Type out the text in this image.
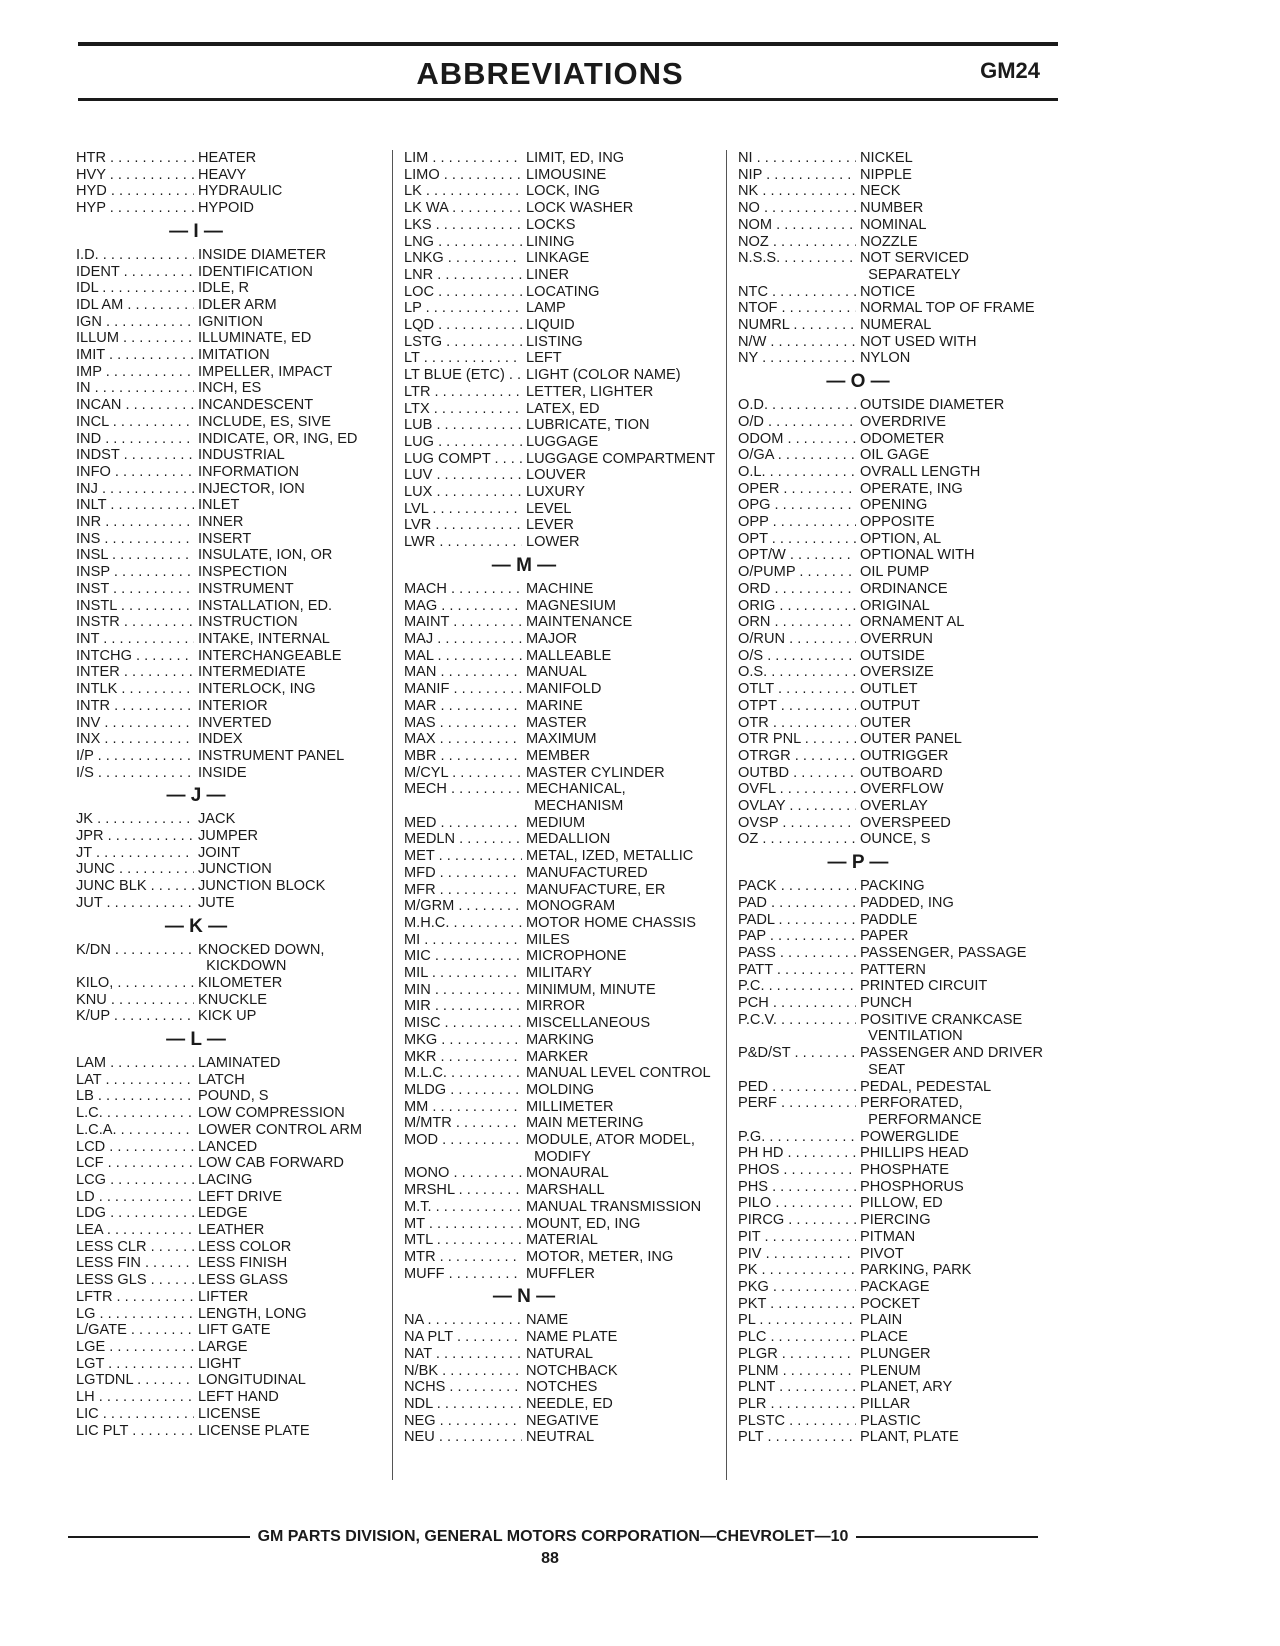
ABBREVIATIONS	GM24
HTR . . .	HEATER
HVY . . .	HEAVY
HYD . . .	HYDRAULIC
HYP . . .	HYPOID
— I —
I.D. . . .	INSIDE DIAMETER
IDENT . . .	IDENTIFICATION
IDL . . .	IDLE, R
IDL AM . . .	IDLER ARM
IGN . . .	IGNITION
ILLUM . . .	ILLUMINATE, ED
IMIT . . .	IMITATION
IMP . . .	IMPELLER, IMPACT
IN . . .	INCH, ES
INCAN . . .	INCANDESCENT
INCL . . .	INCLUDE, ES, SIVE
IND . . .	INDICATE, OR, ING, ED
INDST . . .	INDUSTRIAL
INFO . . .	INFORMATION
INJ . . .	INJECTOR, ION
INLT . . .	INLET
INR . . .	INNER
INS . . .	INSERT
INSL . . .	INSULATE, ION, OR
INSP . . .	INSPECTION
INST . . .	INSTRUMENT
INSTL . . .	INSTALLATION, ED.
INSTR . . .	INSTRUCTION
INT . . .	INTAKE, INTERNAL
INTCHG . . .	INTERCHANGEABLE
INTER . . .	INTERMEDIATE
INTLK . . .	INTERLOCK, ING
INTR . . .	INTERIOR
INV . . .	INVERTED
INX . . .	INDEX
I/P . . .	INSTRUMENT PANEL
I/S . . .	INSIDE
— J —
JK . . .	JACK
JPR . . .	JUMPER
JT . . .	JOINT
JUNC . . .	JUNCTION
JUNC BLK . . .	JUNCTION BLOCK
JUT . . .	JUTE
— K —
K/DN . . .	KNOCKED DOWN,
KICKDOWN
KILO, . . .	KILOMETER
KNU . . .	KNUCKLE
K/UP . . .	KICK UP
— L —
LAM . . .	LAMINATED
LAT . . .	LATCH
LB . . .	POUND, S
L.C. . . .	LOW COMPRESSION
L.C.A. . . .	LOWER CONTROL ARM
LCD . . .	LANCED
LCF . . .	LOW CAB FORWARD
LCG . . .	LACING
LD . . .	LEFT DRIVE
LDG . . .	LEDGE
LEA . . .	LEATHER
LESS CLR . . .	LESS COLOR
LESS FIN . . .	LESS FINISH
LESS GLS . . .	LESS GLASS
LFTR . . .	LIFTER
LG . . .	LENGTH, LONG
L/GATE . . .	LIFT GATE
LGE . . .	LARGE
LGT . . .	LIGHT
LGTDNL . . .	LONGITUDINAL
LH . . .	LEFT HAND
LIC . . .	LICENSE
LIC PLT . . .	LICENSE PLATE
LIM . . .	LIMIT, ED, ING
LIMO . . .	LIMOUSINE
LK . . .	LOCK, ING
LK WA . . .	LOCK WASHER
LKS . . .	LOCKS
LNG . . .	LINING
LNKG . . .	LINKAGE
LNR . . .	LINER
LOC . . .	LOCATING
LP . . .	LAMP
LQD . . .	LIQUID
LSTG . . .	LISTING
LT . . .	LEFT
LT BLUE (ETC) . . .	LIGHT (COLOR NAME)
LTR . . .	LETTER, LIGHTER
LTX . . .	LATEX, ED
LUB . . .	LUBRICATE, TION
LUG . . .	LUGGAGE
LUG COMPT . . .	LUGGAGE COMPARTMENT
LUV . . .	LOUVER
LUX . . .	LUXURY
LVL . . .	LEVEL
LVR . . .	LEVER
LWR . . .	LOWER
— M —
MACH . . .	MACHINE
MAG . . .	MAGNESIUM
MAINT . . .	MAINTENANCE
MAJ . . .	MAJOR
MAL . . .	MALLEABLE
MAN . . .	MANUAL
MANIF . . .	MANIFOLD
MAR . . .	MARINE
MAS . . .	MASTER
MAX . . .	MAXIMUM
MBR . . .	MEMBER
M/CYL . . .	MASTER CYLINDER
MECH . . .	MECHANICAL,
MECHANISM
MED . . .	MEDIUM
MEDLN . . .	MEDALLION
MET . . .	METAL, IZED, METALLIC
MFD . . .	MANUFACTURED
MFR . . .	MANUFACTURE, ER
M/GRM . . .	MONOGRAM
M.H.C. . . .	MOTOR HOME CHASSIS
MI . . .	MILES
MIC . . .	MICROPHONE
MIL . . .	MILITARY
MIN . . .	MINIMUM, MINUTE
MIR . . .	MIRROR
MISC . . .	MISCELLANEOUS
MKG . . .	MARKING
MKR . . .	MARKER
M.L.C. . . .	MANUAL LEVEL CONTROL
MLDG . . .	MOLDING
MM . . .	MILLIMETER
M/MTR . . .	MAIN METERING
MOD . . .	MODULE, ATOR MODEL,
MODIFY
MONO . . .	MONAURAL
MRSHL . . .	MARSHALL
M.T. . . .	MANUAL TRANSMISSION
MT . . .	MOUNT, ED, ING
MTL . . .	MATERIAL
MTR . . .	MOTOR, METER, ING
MUFF . . .	MUFFLER
— N —
NA . . .	NAME
NA PLT . . .	NAME PLATE
NAT . . .	NATURAL
N/BK . . .	NOTCHBACK
NCHS . . .	NOTCHES
NDL . . .	NEEDLE, ED
NEG . . .	NEGATIVE
NEU . . .	NEUTRAL
NI . . .	NICKEL
NIP . . .	NIPPLE
NK . . .	NECK
NO . . .	NUMBER
NOM . . .	NOMINAL
NOZ . . .	NOZZLE
N.S.S. . . .	NOT SERVICED
SEPARATELY
NTC . . .	NOTICE
NTOF . . .	NORMAL TOP OF FRAME
NUMRL . . .	NUMERAL
N/W . . .	NOT USED WITH
NY . . .	NYLON
— O —
O.D. . . .	OUTSIDE DIAMETER
O/D . . .	OVERDRIVE
ODOM . . .	ODOMETER
O/GA . . .	OIL GAGE
O.L. . . .	OVRALL LENGTH
OPER . . .	OPERATE, ING
OPG . . .	OPENING
OPP . . .	OPPOSITE
OPT . . .	OPTION, AL
OPT/W . . .	OPTIONAL WITH
O/PUMP . . .	OIL PUMP
ORD . . .	ORDINANCE
ORIG . . .	ORIGINAL
ORN . . .	ORNAMENT AL
O/RUN . . .	OVERRUN
O/S . . .	OUTSIDE
O.S. . . .	OVERSIZE
OTLT . . .	OUTLET
OTPT . . .	OUTPUT
OTR . . .	OUTER
OTR PNL . . .	OUTER PANEL
OTRGR . . .	OUTRIGGER
OUTBD . . .	OUTBOARD
OVFL . . .	OVERFLOW
OVLAY . . .	OVERLAY
OVSP . . .	OVERSPEED
OZ . . .	OUNCE, S
— P —
PACK . . .	PACKING
PAD . . .	PADDED, ING
PADL . . .	PADDLE
PAP . . .	PAPER
PASS . . .	PASSENGER, PASSAGE
PATT . . .	PATTERN
P.C. . . .	PRINTED CIRCUIT
PCH . . .	PUNCH
P.C.V. . . .	POSITIVE CRANKCASE
VENTILATION
P&D/ST . . .	PASSENGER AND DRIVER
SEAT
PED . . .	PEDAL, PEDESTAL
PERF . . .	PERFORATED,
PERFORMANCE
P.G. . . .	POWERGLIDE
PH HD . . .	PHILLIPS HEAD
PHOS . . .	PHOSPHATE
PHS . . .	PHOSPHORUS
PILO . . .	PILLOW, ED
PIRCG . . .	PIERCING
PIT . . .	PITMAN
PIV . . .	PIVOT
PK . . .	PARKING, PARK
PKG . . .	PACKAGE
PKT . . .	POCKET
PL . . .	PLAIN
PLC . . .	PLACE
PLGR . . .	PLUNGER
PLNM . . .	PLENUM
PLNT . . .	PLANET, ARY
PLR . . .	PILLAR
PLSTC . . .	PLASTIC
PLT . . .	PLANT, PLATE
GM PARTS DIVISION, GENERAL MOTORS CORPORATION—CHEVROLET—10
88
